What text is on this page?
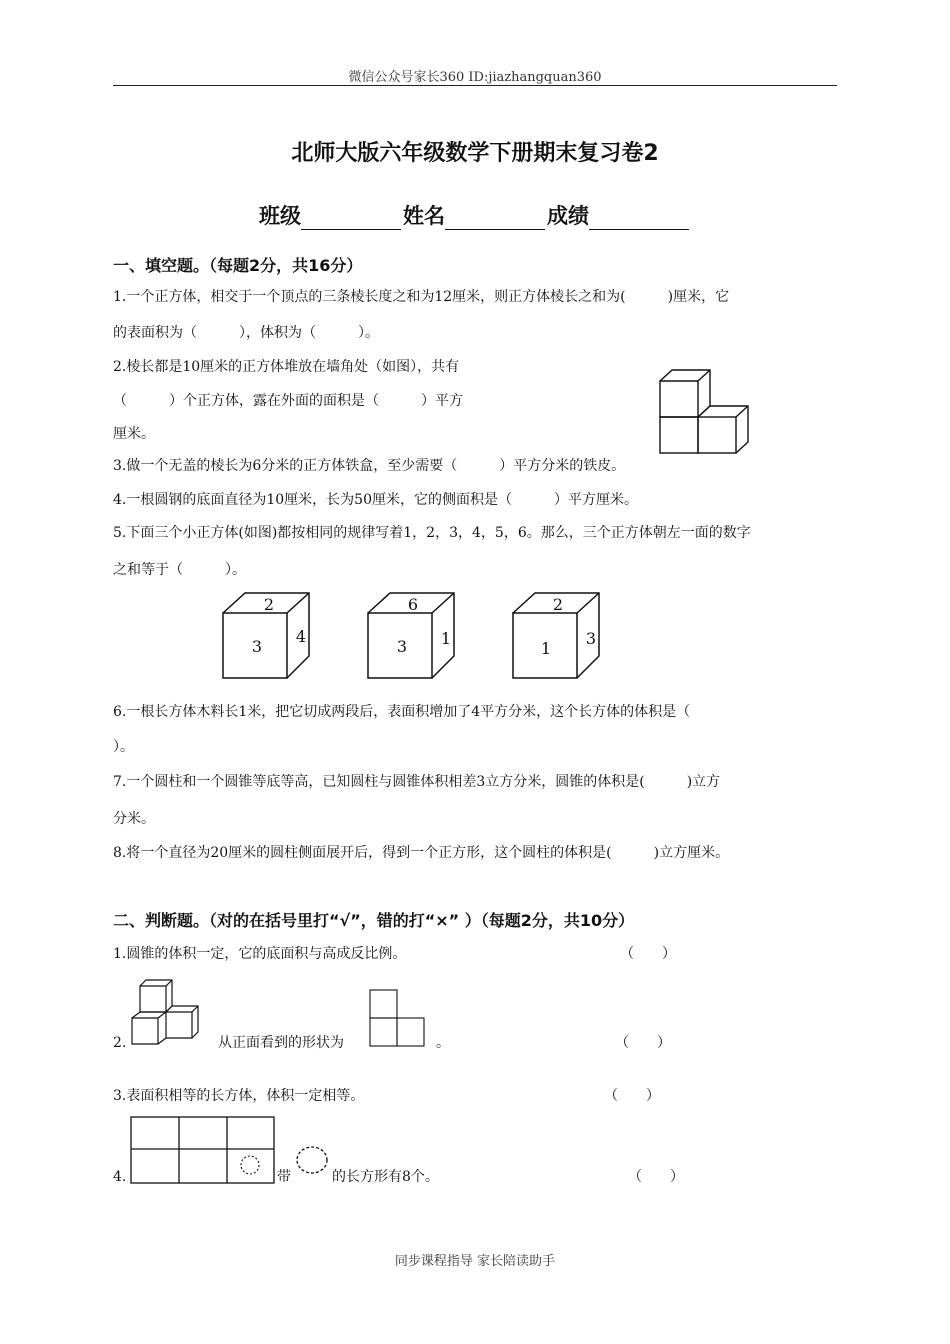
微信公众号家长360 ID:jiazhangquan360
北师大版六年级数学下册期末复习卷2
班级	姓名	成绩
一、填空题。（每题2分，共16分）
1.一个正方体，相交于一个顶点的三条棱长度之和为12厘米，则正方体棱长之和为(　　　)厘米，它
的表面积为（　　　），体积为（　　　）。
2.棱长都是10厘米的正方体堆放在墙角处（如图），共有
（　　　）个正方体，露在外面的面积是（　　　）平方
厘米。
3.做一个无盖的棱长为6分米的正方体铁盒，至少需要（　　　）平方分米的铁皮。
4.一根圆钢的底面直径为10厘米，长为50厘米，它的侧面积是（　　　）平方厘米。
5.下面三个小正方体(如图)都按相同的规律写着1，2，3，4，5，6。那么，三个正方体朝左一面的数字
之和等于（　　　）。
2
3
4
6
3 1
2
1
3
6.一根长方体木料长1米，把它切成两段后，表面积增加了4平方分米，这个长方体的体积是（
）。
7.一个圆柱和一个圆锥等底等高，已知圆柱与圆锥体积相差3立方分米，圆锥的体积是(　　　)立方
分米。
8.将一个直径为20厘米的圆柱侧面展开后，得到一个正方形，这个圆柱的体积是(　　　)立方厘米。
二、判断题。（对的在括号里打“√”，错的打“×” ）（每题2分，共10分）
1.圆锥的体积一定，它的底面积与高成反比例。	（　　）
2.	从正面看到的形状为	。	（　　）
3.表面积相等的长方体，体积一定相等。	（　　）
4.	带	的长方形有8个。	（　　）
同步课程指导 家长陪读助手
